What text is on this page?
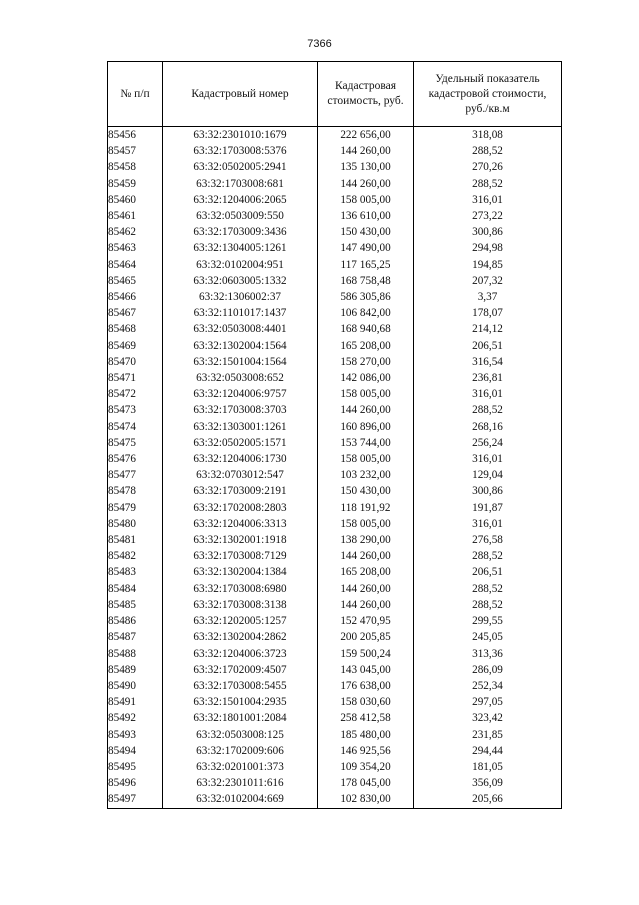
7366
№ п/п	Кадастровый номер	Кадастровая стоимость, руб.	Удельный показатель кадастровой стоимости, руб./кв.м
85456	63:32:2301010:1679	222 656,00	318,08
85457	63:32:1703008:5376	144 260,00	288,52
85458	63:32:0502005:2941	135 130,00	270,26
85459	63:32:1703008:681	144 260,00	288,52
85460	63:32:1204006:2065	158 005,00	316,01
85461	63:32:0503009:550	136 610,00	273,22
85462	63:32:1703009:3436	150 430,00	300,86
85463	63:32:1304005:1261	147 490,00	294,98
85464	63:32:0102004:951	117 165,25	194,85
85465	63:32:0603005:1332	168 758,48	207,32
85466	63:32:1306002:37	586 305,86	3,37
85467	63:32:1101017:1437	106 842,00	178,07
85468	63:32:0503008:4401	168 940,68	214,12
85469	63:32:1302004:1564	165 208,00	206,51
85470	63:32:1501004:1564	158 270,00	316,54
85471	63:32:0503008:652	142 086,00	236,81
85472	63:32:1204006:9757	158 005,00	316,01
85473	63:32:1703008:3703	144 260,00	288,52
85474	63:32:1303001:1261	160 896,00	268,16
85475	63:32:0502005:1571	153 744,00	256,24
85476	63:32:1204006:1730	158 005,00	316,01
85477	63:32:0703012:547	103 232,00	129,04
85478	63:32:1703009:2191	150 430,00	300,86
85479	63:32:1702008:2803	118 191,92	191,87
85480	63:32:1204006:3313	158 005,00	316,01
85481	63:32:1302001:1918	138 290,00	276,58
85482	63:32:1703008:7129	144 260,00	288,52
85483	63:32:1302004:1384	165 208,00	206,51
85484	63:32:1703008:6980	144 260,00	288,52
85485	63:32:1703008:3138	144 260,00	288,52
85486	63:32:1202005:1257	152 470,95	299,55
85487	63:32:1302004:2862	200 205,85	245,05
85488	63:32:1204006:3723	159 500,24	313,36
85489	63:32:1702009:4507	143 045,00	286,09
85490	63:32:1703008:5455	176 638,00	252,34
85491	63:32:1501004:2935	158 030,60	297,05
85492	63:32:1801001:2084	258 412,58	323,42
85493	63:32:0503008:125	185 480,00	231,85
85494	63:32:1702009:606	146 925,56	294,44
85495	63:32:0201001:373	109 354,20	181,05
85496	63:32:2301011:616	178 045,00	356,09
85497	63:32:0102004:669	102 830,00	205,66
